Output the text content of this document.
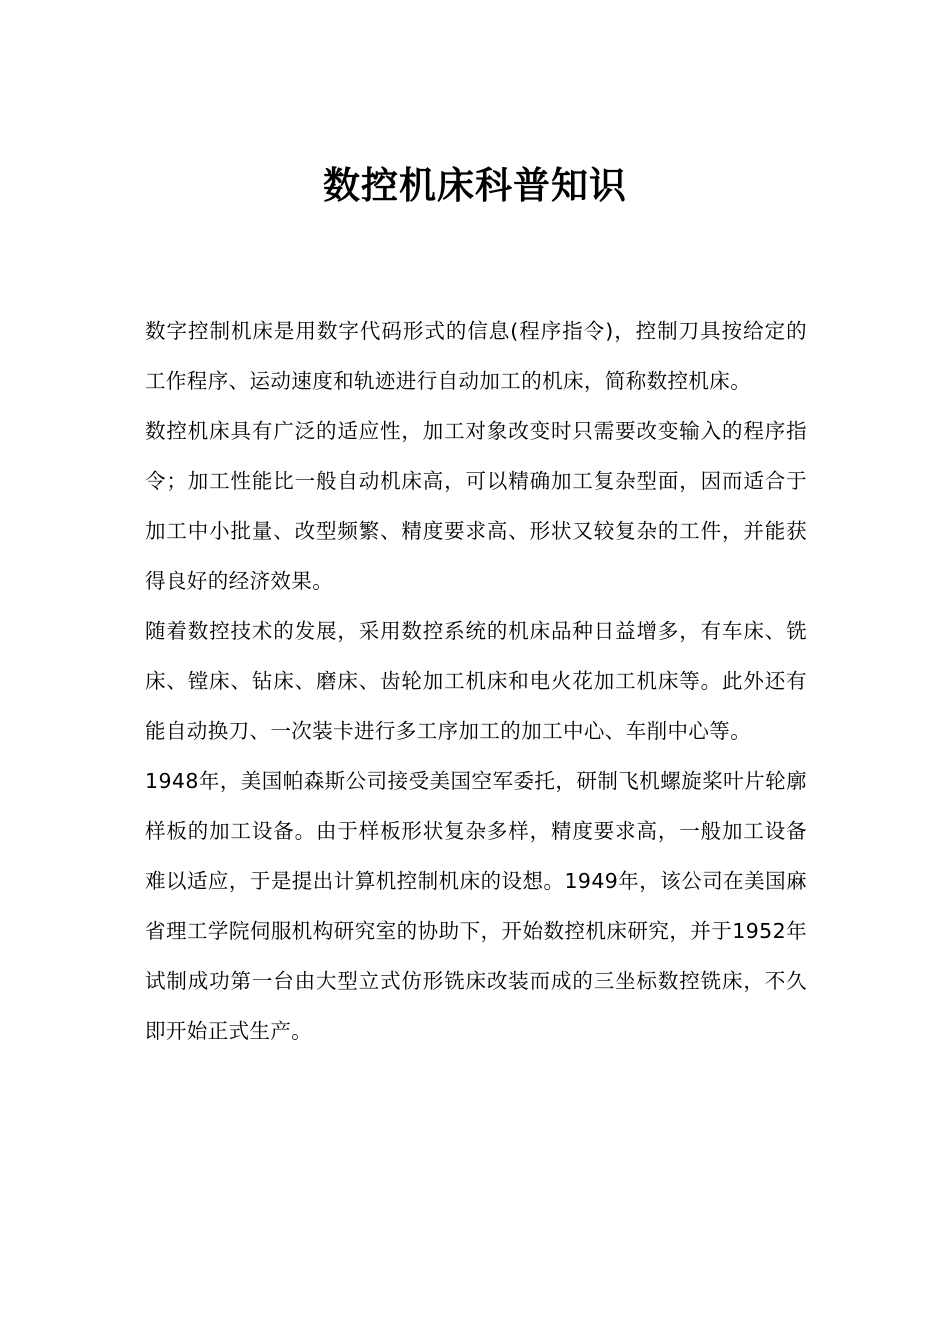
数控机床科普知识

数字控制机床是用数字代码形式的信息(程序指令)，控制刀具按给定的工作程序、运动速度和轨迹进行自动加工的机床，简称数控机床。

数控机床具有广泛的适应性，加工对象改变时只需要改变输入的程序指令；加工性能比一般自动机床高，可以精确加工复杂型面，因而适合于加工中小批量、改型频繁、精度要求高、形状又较复杂的工件，并能获得良好的经济效果。

随着数控技术的发展，采用数控系统的机床品种日益增多，有车床、铣床、镗床、钻床、磨床、齿轮加工机床和电火花加工机床等。此外还有能自动换刀、一次装卡进行多工序加工的加工中心、车削中心等。

1948年，美国帕森斯公司接受美国空军委托，研制飞机螺旋桨叶片轮廓样板的加工设备。由于样板形状复杂多样，精度要求高，一般加工设备难以适应，于是提出计算机控制机床的设想。1949年，该公司在美国麻省理工学院伺服机构研究室的协助下，开始数控机床研究，并于1952年试制成功第一台由大型立式仿形铣床改装而成的三坐标数控铣床，不久即开始正式生产。
